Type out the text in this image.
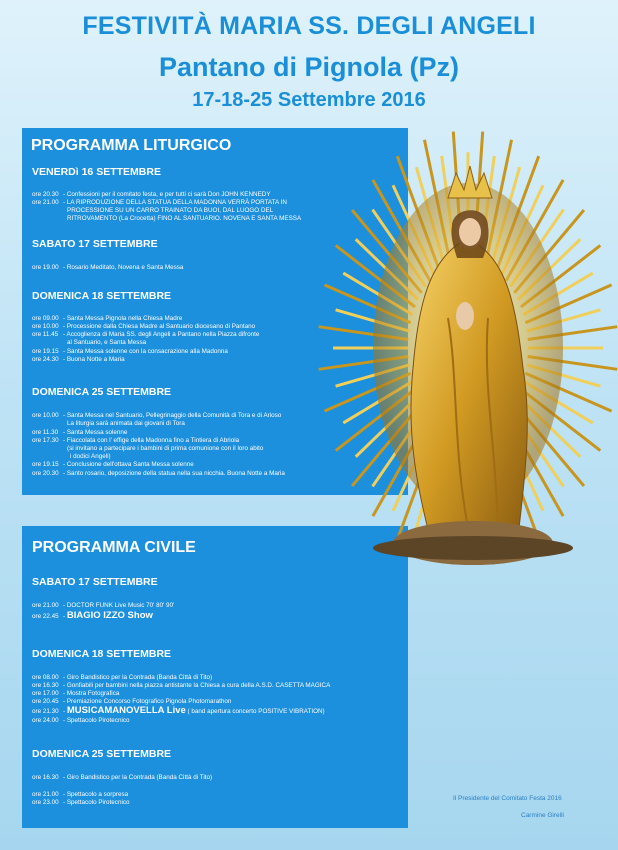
FESTIVITÀ MARIA SS. DEGLI ANGELI
Pantano di Pignola (Pz)
17-18-25 Settembre 2016
PROGRAMMA LITURGICO
VENERDì 16 SETTEMBRE
ore 20.30 - Confessioni per il comitato festa, e per tutti ci sarà Don JOHN KENNEDY
ore 21.00 - LA RIPRODUZIONE DELLA STATUA DELLA MADONNA VERRÀ PORTATA IN
PROCESSIONE SU UN CARRO TRAINATO DA BUOI, DAL LUOGO DEL
RITROVAMENTO (La Crocetta) FINO AL SANTUARIO. NOVENA E SANTA MESSA
SABATO 17 SETTEMBRE
ore 19.00 - Rosario Meditato, Novena e Santa Messa
DOMENICA 18 SETTEMBRE
ore 09.00 - Santa Messa Pignola nella Chiesa Madre
ore 10.00 - Processione dalla Chiesa Madre al Santuario diocesano di Pantano
ore 11.45 - Accoglienza di Maria SS. degli Angeli a Pantano nella Piazza difronte
al Santuario, e Santa Messa
ore 19.15 - Santa Messa solenne con la consacrazione alla Madonna
ore 24.30 - Buona Notte a Maria
DOMENICA 25 SETTEMBRE
ore 10.00 - Santa Messa nel Santuario, Pellegrinaggio della Comunità di Tora e di Arioso
La liturgia sarà animata dai giovani di Tora
ore 11.30 - Santa Messa solenne
ore 17.30 - Fiaccolata con l' effige della Madonna fino a Tintiera di Abriola
(si invitano a partecipare i bambini di prima comunione con il loro abito
i dodici Angeli)
ore 19.15 - Conclusione dell'ottava Santa Messa solenne
ore 20.30 - Santo rosario, deposizione della statua nella sua nicchia. Buona Notte a Maria
PROGRAMMA CIVILE
SABATO 17 SETTEMBRE
ore 21.00 - DOCTOR FUNK Live Music 70' 80' 90'
ore 22.45 - BIAGIO IZZO Show
DOMENICA 18 SETTEMBRE
ore 08.00 - Giro Bandistico per la Contrada (Banda Città di Tito)
ore 16.30 - Gonfiabili per bambini nella piazza antistante la Chiesa a cura della A.S.D. CASETTA MAGICA
ore 17.00 - Mostra Fotografica
ore 20.45 - Premiazione Concorso Fotografico Pignola Photomarathon
ore 21.30 - MUSICAMANOVELLA Live ( band apertura concerto POSITIVE VIBRATION)
ore 24.00 - Spettacolo Pirotecnico
DOMENICA 25 SETTEMBRE
ore 16.30 - Giro Bandistico per la Contrada (Banda Città di Tito)
ore 21.00 - Spettacolo a sorpresa
ore 23.00 - Spettacolo Pirotecnico
Il Presidente del Comitato Festa 2016
Carmine Girelli
